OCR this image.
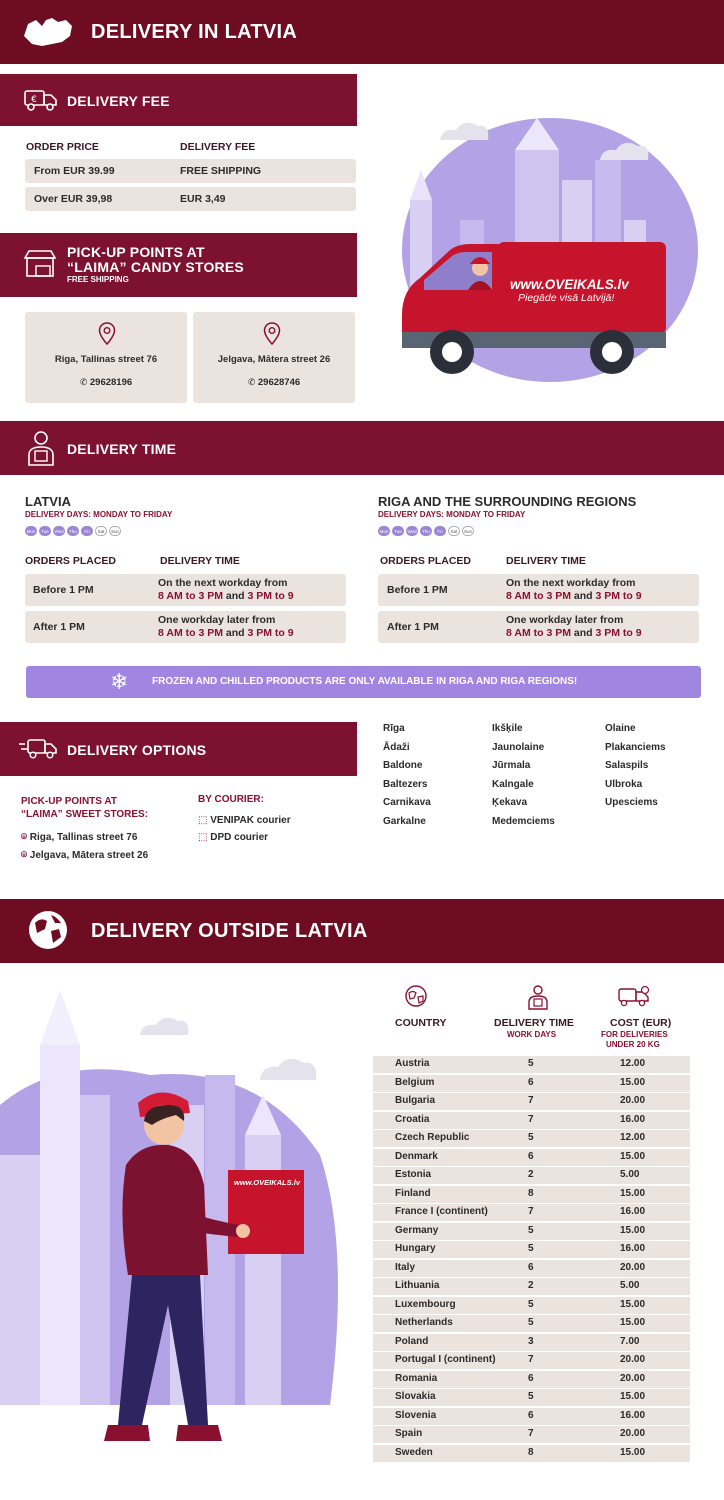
DELIVERY IN LATVIA
€ DELIVERY FEE
ORDER PRICE	DELIVERY FEE
From EUR 39.99	FREE SHIPPING
Over EUR 39,98	EUR 3,49
PICK-UP POINTS AT
“LAIMA” CANDY STORES
FREE SHIPPING
Riga, Tallinas street 76
✆ 29628196
Jelgava, Mātera street 26
✆ 29628746
www.OVEIKALS.lv
Piegāde visā Latvijā!
DELIVERY TIME
LATVIA
DELIVERY DAYS: MONDAY TO FRIDAY
Mon	Tue	Wed	Thu	Fri	Sat	Sun
ORDERS PLACED	DELIVERY TIME
Before 1 PM
On the next workday from
8 AM to 3 PM and 3 PM to 9
After 1 PM
One workday later from
8 AM to 3 PM and 3 PM to 9
RIGA AND THE SURROUNDING REGIONS
DELIVERY DAYS: MONDAY TO FRIDAY
Mon	Tue	Wed	Thu	Fri	Sat	Sun
ORDERS PLACED	DELIVERY TIME
Before 1 PM
On the next workday from
8 AM to 3 PM and 3 PM to 9
After 1 PM
One workday later from
8 AM to 3 PM and 3 PM to 9
❄ FROZEN AND CHILLED PRODUCTS ARE ONLY AVAILABLE IN RIGA AND RIGA REGIONS!
DELIVERY OPTIONS
PICK-UP POINTS AT
“LAIMA” SWEET STORES:
⌾ Riga, Tallinas street 76
⌾ Jelgava, Mātera street 26
BY COURIER:
⬚ VENIPAK courier
⬚ DPD courier
Rīga
Ādaži
Baldone
Baltezers
Carnikava
Garkalne
Ikšķile
Jaunolaine
Jūrmala
Kalngale
Ķekava
Medemciems
Olaine
Plakanciems
Salaspils
Ulbroka
Upesciems
DELIVERY OUTSIDE LATVIA
www.OVEIKALS.lv
COUNTRY	DELIVERY TIME
WORK DAYS
COST (EUR)
FOR DELIVERIES
UNDER 20 KG
Austria	5	12.00
Belgium	6	15.00
Bulgaria	7	20.00
Croatia	7	16.00
Czech Republic	5	12.00
Denmark	6	15.00
Estonia	2	5.00
Finland	8	15.00
France I (continent)	7	16.00
Germany	5	15.00
Hungary	5	16.00
Italy	6	20.00
Lithuania	2	5.00
Luxembourg	5	15.00
Netherlands	5	15.00
Poland	3	7.00
Portugal I (continent)	7	20.00
Romania	6	20.00
Slovakia	5	15.00
Slovenia	6	16.00
Spain	7	20.00
Sweden	8	15.00
